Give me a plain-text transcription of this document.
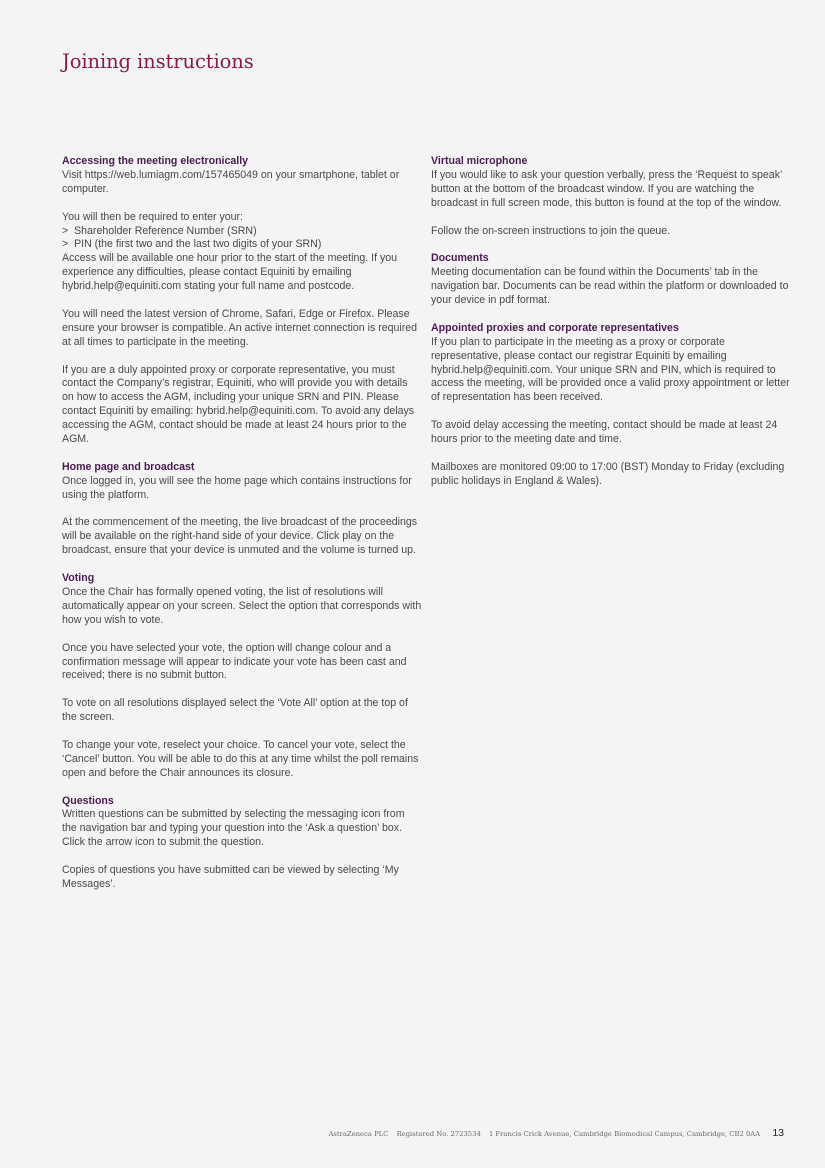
Joining instructions

Accessing the meeting electronically

Visit https://web.lumiagm.com/157465049 on your smartphone, tablet or computer.

You will then be required to enter your:

> Shareholder Reference Number (SRN)
> PIN (the first two and the last two digits of your SRN)

Access will be available one hour prior to the start of the meeting. If you experience any difficulties, please contact Equiniti by emailing hybrid.help@equiniti.com stating your full name and postcode.

You will need the latest version of Chrome, Safari, Edge or Firefox. Please ensure your browser is compatible. An active internet connection is required at all times to participate in the meeting.

If you are a duly appointed proxy or corporate representative, you must contact the Company’s registrar, Equiniti, who will provide you with details on how to access the AGM, including your unique SRN and PIN. Please contact Equiniti by emailing: hybrid.help@equiniti.com. To avoid any delays accessing the AGM, contact should be made at least 24 hours prior to the AGM.

Home page and broadcast

Once logged in, you will see the home page which contains instructions for using the platform.

At the commencement of the meeting, the live broadcast of the proceedings will be available on the right-hand side of your device. Click play on the broadcast, ensure that your device is unmuted and the volume is turned up.

Voting

Once the Chair has formally opened voting, the list of resolutions will automatically appear on your screen. Select the option that corresponds with how you wish to vote.

Once you have selected your vote, the option will change colour and a confirmation message will appear to indicate your vote has been cast and received; there is no submit button.

To vote on all resolutions displayed select the ‘Vote All’ option at the top of the screen.

To change your vote, reselect your choice. To cancel your vote, select the ‘Cancel’ button. You will be able to do this at any time whilst the poll remains open and before the Chair announces its closure.

Questions

Written questions can be submitted by selecting the messaging icon from the navigation bar and typing your question into the ‘Ask a question’ box. Click the arrow icon to submit the question.

Copies of questions you have submitted can be viewed by selecting ‘My Messages’.

Virtual microphone

If you would like to ask your question verbally, press the ‘Request to speak’ button at the bottom of the broadcast window. If you are watching the broadcast in full screen mode, this button is found at the top of the window.

Follow the on-screen instructions to join the queue.

Documents

Meeting documentation can be found within the Documents’ tab in the navigation bar. Documents can be read within the platform or downloaded to your device in pdf format.

Appointed proxies and corporate representatives

If you plan to participate in the meeting as a proxy or corporate representative, please contact our registrar Equiniti by emailing hybrid.help@equiniti.com. Your unique SRN and PIN, which is required to access the meeting, will be provided once a valid proxy appointment or letter of representation has been received.

To avoid delay accessing the meeting, contact should be made at least 24 hours prior to the meeting date and time.

Mailboxes are monitored 09:00 to 17:00 (BST) Monday to Friday (excluding public holidays in England & Wales).

AstraZeneca PLC Registered No. 2723534 1 Francis Crick Avenue, Cambridge Biomedical Campus, Cambridge, CB2 0AA 13
